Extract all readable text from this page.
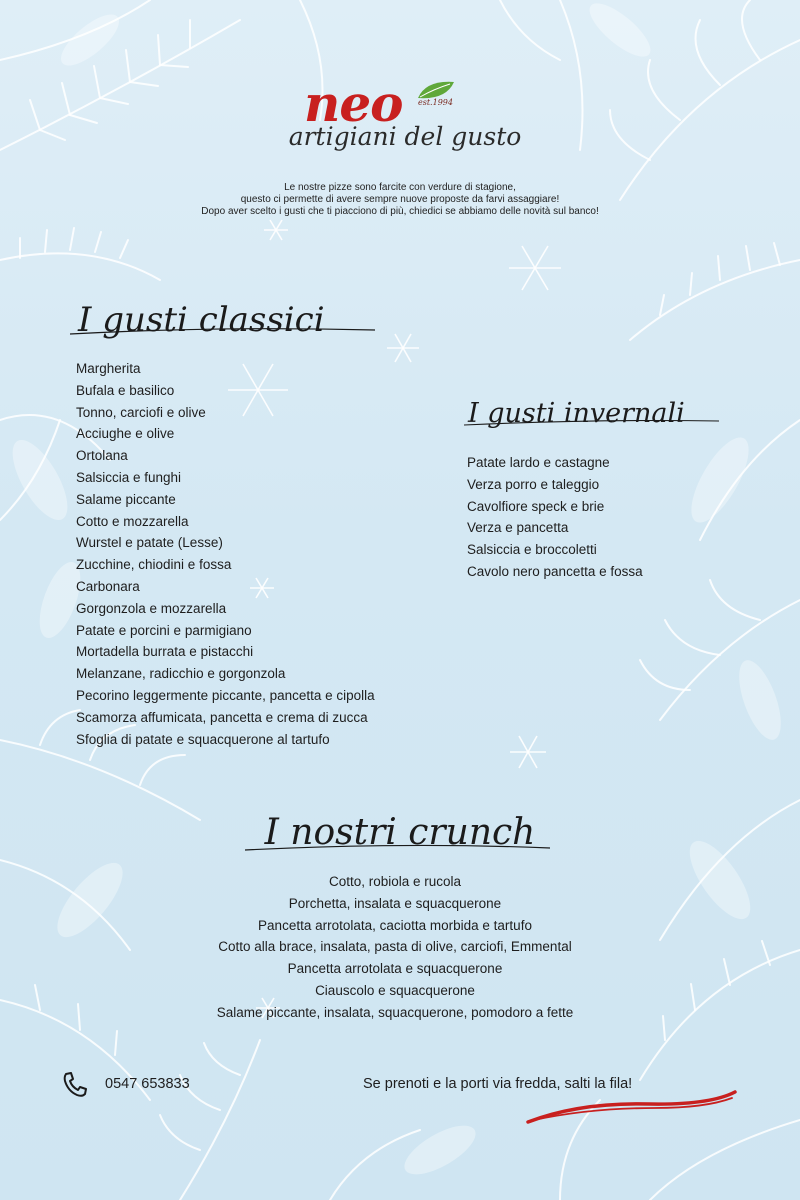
neo est.1994
artigiani del gusto
Le nostre pizze sono farcite con verdure di stagione,
questo ci permette di avere sempre nuove proposte da farvi assaggiare!
Dopo aver scelto i gusti che ti piacciono di più, chiedici se abbiamo delle novità sul banco!
I gusti classici
Margherita
Bufala e basilico
Tonno, carciofi e olive
Acciughe e olive
Ortolana
Salsiccia e funghi
Salame piccante
Cotto e mozzarella
Wurstel e patate (Lesse)
Zucchine, chiodini e fossa
Carbonara
Gorgonzola e mozzarella
Patate e porcini e parmigiano
Mortadella burrata e pistacchi
Melanzane, radicchio e gorgonzola
Pecorino leggermente piccante, pancetta e cipolla
Scamorza affumicata, pancetta e crema di zucca
Sfoglia di patate e squacquerone al tartufo
I gusti invernali
Patate lardo e castagne
Verza porro e taleggio
Cavolfiore speck e brie
Verza e pancetta
Salsiccia e broccoletti
Cavolo nero pancetta e fossa
I nostri crunch
Cotto, robiola e rucola
Porchetta, insalata e squacquerone
Pancetta arrotolata, caciotta morbida e tartufo
Cotto alla brace, insalata, pasta di olive, carciofi, Emmental
Pancetta arrotolata e squacquerone
Ciauscolo e squacquerone
Salame piccante, insalata, squacquerone, pomodoro a fette
0547 653833	Se prenoti e la porti via fredda, salti la fila!
